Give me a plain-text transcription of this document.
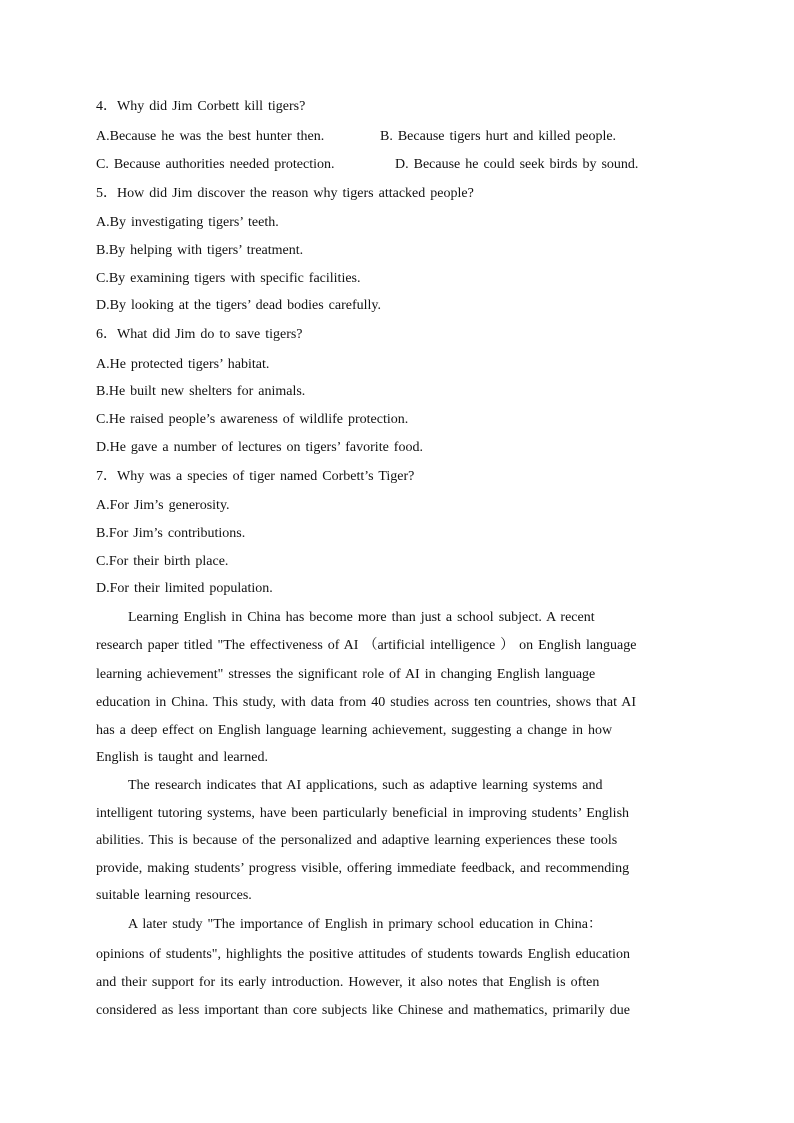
4．Why did Jim Corbett kill tigers?
A.Because he was the best hunter then.	B. Because tigers hurt and killed people.
C. Because authorities needed protection.	D. Because he could seek birds by sound.
5．How did Jim discover the reason why tigers attacked people?
A.By investigating tigers’ teeth.
B.By helping with tigers’ treatment.
C.By examining tigers with specific facilities.
D.By looking at the tigers’ dead bodies carefully.
6．What did Jim do to save tigers?
A.He protected tigers’ habitat.
B.He built new shelters for animals.
C.He raised people’s awareness of wildlife protection.
D.He gave a number of lectures on tigers’ favorite food.
7．Why was a species of tiger named Corbett’s Tiger?
A.For Jim’s generosity.
B.For Jim’s contributions.
C.For their birth place.
D.For their limited population.
Learning English in China has become more than just a school subject. A recent
research paper titled "The effectiveness of AI （artificial intelligence ） on English language
learning achievement" stresses the significant role of AI in changing English language
education in China. This study, with data from 40 studies across ten countries, shows that AI
has a deep effect on English language learning achievement, suggesting a change in how
English is taught and learned.
The research indicates that AI applications, such as adaptive learning systems and
intelligent tutoring systems, have been particularly beneficial in improving students’ English
abilities. This is because of the personalized and adaptive learning experiences these tools
provide, making students’ progress visible, offering immediate feedback, and recommending
suitable learning resources.
A later study "The importance of English in primary school education in China：
opinions of students", highlights the positive attitudes of students towards English education
and their support for its early introduction. However, it also notes that English is often
considered as less important than core subjects like Chinese and mathematics, primarily due
